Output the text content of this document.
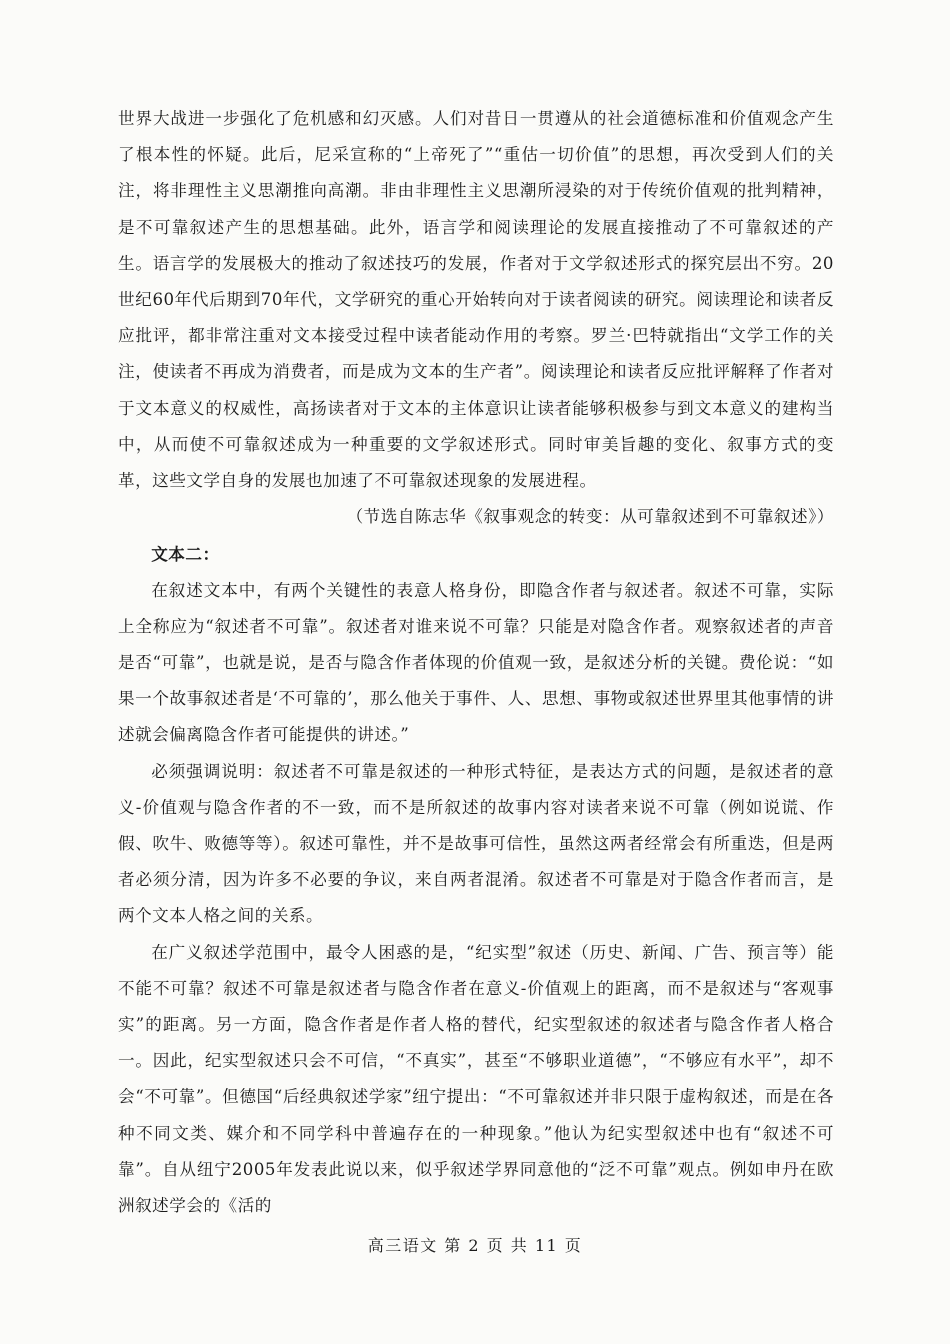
世界大战进一步强化了危机感和幻灭感。人们对昔日一贯遵从的社会道德标准和价值观念产生了根本性的怀疑。此后，尼采宣称的“上帝死了”“重估一切价值”的思想，再次受到人们的关注，将非理性主义思潮推向高潮。非由非理性主义思潮所浸染的对于传统价值观的批判精神，是不可靠叙述产生的思想基础。此外，语言学和阅读理论的发展直接推动了不可靠叙述的产生。语言学的发展极大的推动了叙述技巧的发展，作者对于文学叙述形式的探究层出不穷。20世纪60年代后期到70年代，文学研究的重心开始转向对于读者阅读的研究。阅读理论和读者反应批评，都非常注重对文本接受过程中读者能动作用的考察。罗兰·巴特就指出“文学工作的关注，使读者不再成为消费者，而是成为文本的生产者”。阅读理论和读者反应批评解释了作者对于文本意义的权威性，高扬读者对于文本的主体意识让读者能够积极参与到文本意义的建构当中，从而使不可靠叙述成为一种重要的文学叙述形式。同时审美旨趣的变化、叙事方式的变革，这些文学自身的发展也加速了不可靠叙述现象的发展进程。

（节选自陈志华《叙事观念的转变：从可靠叙述到不可靠叙述》）

文本二：

在叙述文本中，有两个关键性的表意人格身份，即隐含作者与叙述者。叙述不可靠，实际上全称应为“叙述者不可靠”。叙述者对谁来说不可靠？只能是对隐含作者。观察叙述者的声音是否“可靠”，也就是说，是否与隐含作者体现的价值观一致，是叙述分析的关键。费伦说：“如果一个故事叙述者是‘不可靠的’，那么他关于事件、人、思想、事物或叙述世界里其他事情的讲述就会偏离隐含作者可能提供的讲述。”

必须强调说明：叙述者不可靠是叙述的一种形式特征，是表达方式的问题，是叙述者的意义-价值观与隐含作者的不一致，而不是所叙述的故事内容对读者来说不可靠（例如说谎、作假、吹牛、败德等等）。叙述可靠性，并不是故事可信性，虽然这两者经常会有所重迭，但是两者必须分清，因为许多不必要的争议，来自两者混淆。叙述者不可靠是对于隐含作者而言，是两个文本人格之间的关系。

在广义叙述学范围中，最令人困惑的是，“纪实型”叙述（历史、新闻、广告、预言等）能不能不可靠？叙述不可靠是叙述者与隐含作者在意义-价值观上的距离，而不是叙述与“客观事实”的距离。另一方面，隐含作者是作者人格的替代，纪实型叙述的叙述者与隐含作者人格合一。因此，纪实型叙述只会不可信，“不真实”，甚至“不够职业道德”，“不够应有水平”，却不会“不可靠”。但德国“后经典叙述学家”纽宁提出：“不可靠叙述并非只限于虚构叙述，而是在各种不同文类、媒介和不同学科中普遍存在的一种现象。”他认为纪实型叙述中也有“叙述不可靠”。自从纽宁2005年发表此说以来，似乎叙述学界同意他的“泛不可靠”观点。例如申丹在欧洲叙述学会的《活的

高三语文 第 2 页 共 11 页
